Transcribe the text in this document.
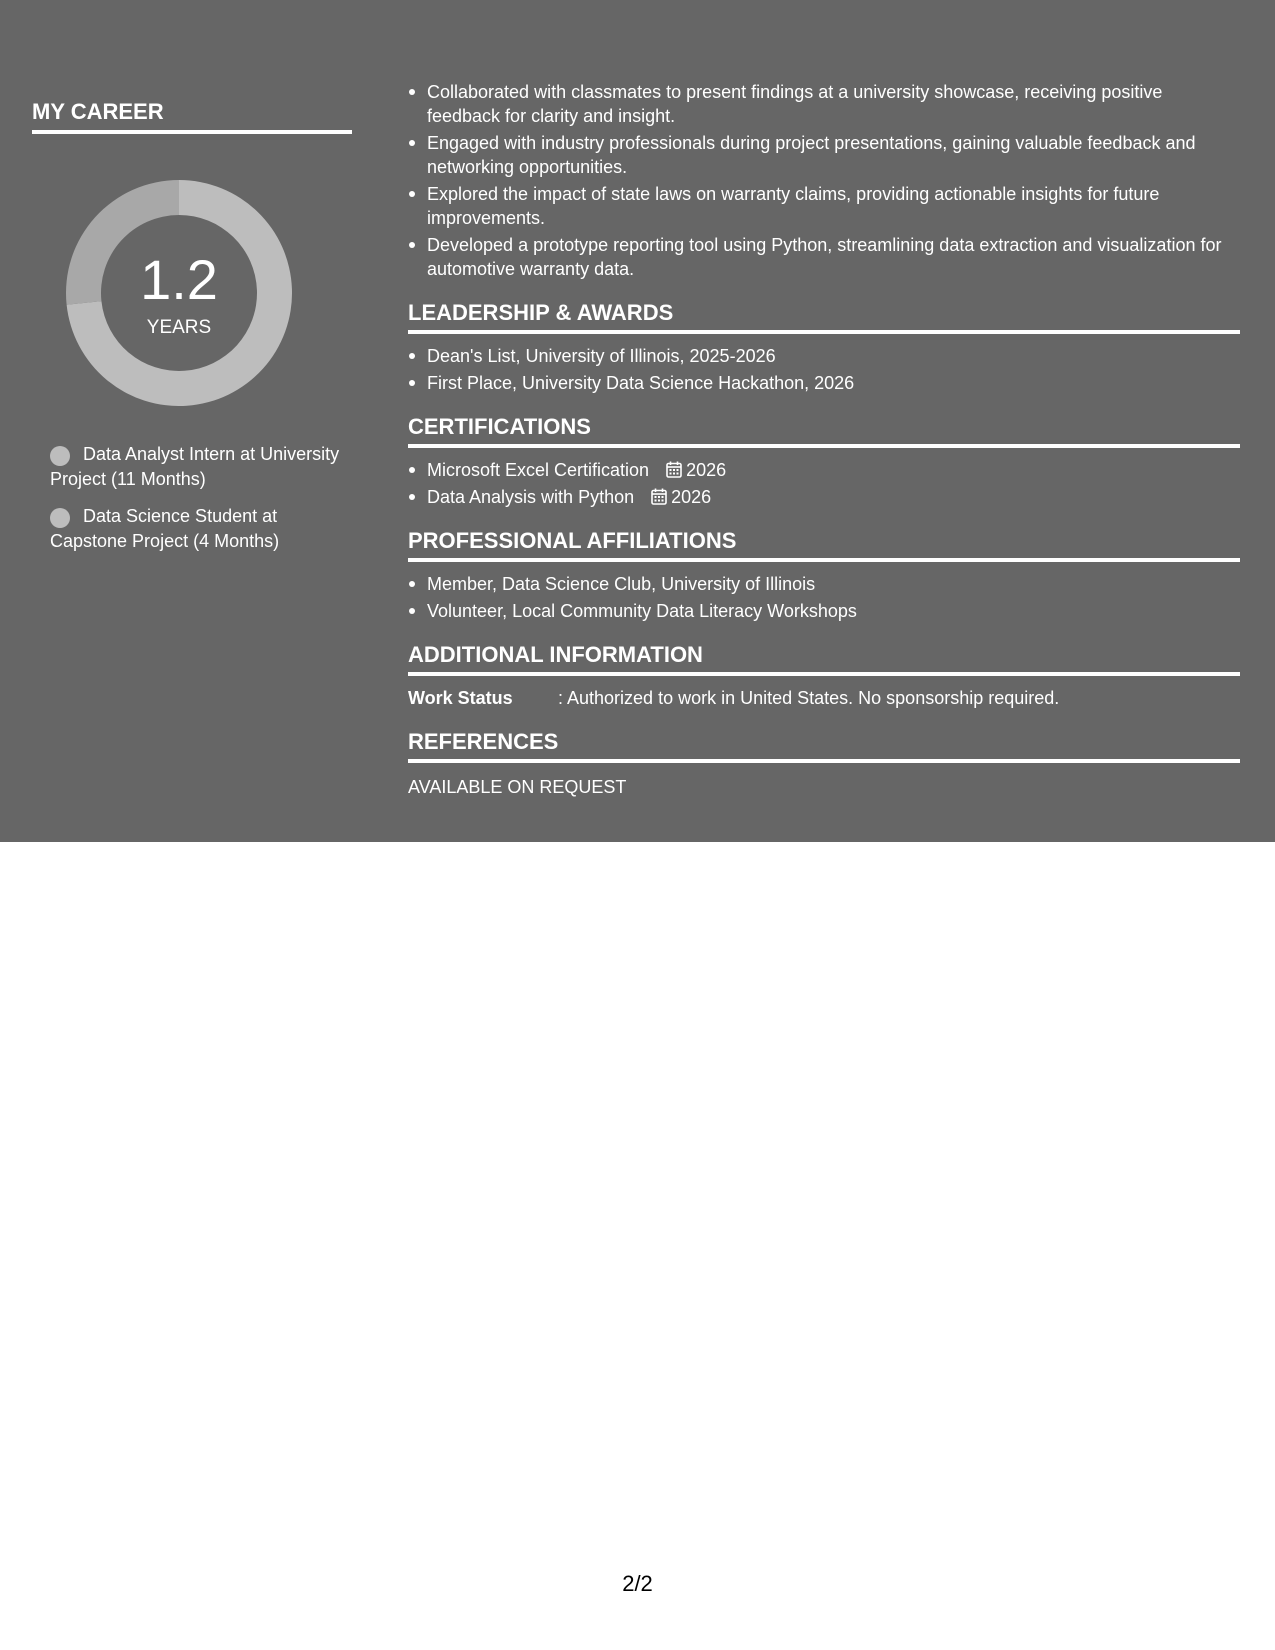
MY CAREER
1.2
YEARS
Data Analyst Intern at University Project (11 Months)
Data Science Student at Capstone Project (4 Months)
Collaborated with classmates to present findings at a university showcase, receiving positive feedback for clarity and insight.
Engaged with industry professionals during project presentations, gaining valuable feedback and networking opportunities.
Explored the impact of state laws on warranty claims, providing actionable insights for future improvements.
Developed a prototype reporting tool using Python, streamlining data extraction and visualization for automotive warranty data.
LEADERSHIP & AWARDS
Dean's List, University of Illinois, 2025-2026
First Place, University Data Science Hackathon, 2026
CERTIFICATIONS
Microsoft Excel Certification 2026
Data Analysis with Python 2026
PROFESSIONAL AFFILIATIONS
Member, Data Science Club, University of Illinois
Volunteer, Local Community Data Literacy Workshops
ADDITIONAL INFORMATION
Work Status	: Authorized to work in United States. No sponsorship required.
REFERENCES
AVAILABLE ON REQUEST
2/2
